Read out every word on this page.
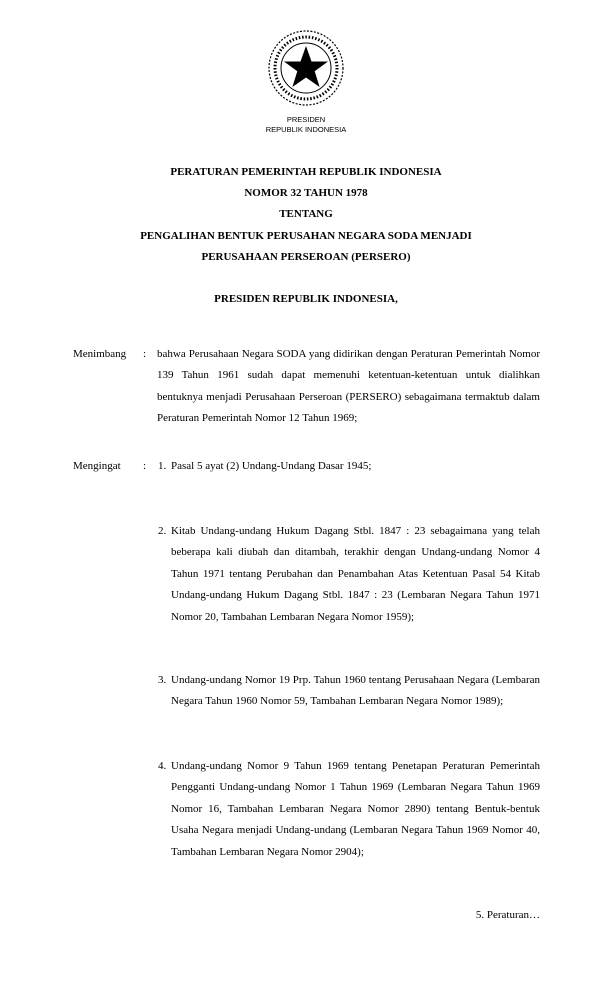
PRESIDEN
REPUBLIK INDONESIA
PERATURAN PEMERINTAH REPUBLIK INDONESIA
NOMOR 32 TAHUN 1978
TENTANG
PENGALIHAN BENTUK PERUSAHAN NEGARA SODA MENJADI
PERUSAHAAN PERSEROAN (PERSERO)
PRESIDEN REPUBLIK INDONESIA,
Menimbang : bahwa Perusahaan Negara SODA yang didirikan dengan Peraturan Pemerintah Nomor 139 Tahun 1961 sudah dapat memenuhi ketentuan-ketentuan untuk dialihkan bentuknya menjadi Perusahaan Perseroan (PERSERO) sebagaimana termaktub dalam Peraturan Pemerintah Nomor 12 Tahun 1969;
Mengingat : 1. Pasal 5 ayat (2) Undang-Undang Dasar 1945;
2. Kitab Undang-undang Hukum Dagang Stbl. 1847 : 23 sebagaimana yang telah beberapa kali diubah dan ditambah, terakhir dengan Undang-undang Nomor 4 Tahun 1971 tentang Perubahan dan Penambahan Atas Ketentuan Pasal 54 Kitab Undang-undang Hukum Dagang Stbl. 1847 : 23 (Lembaran Negara Tahun 1971 Nomor 20, Tambahan Lembaran Negara Nomor 1959);
3. Undang-undang Nomor 19 Prp. Tahun 1960 tentang Perusahaan Negara (Lembaran Negara Tahun 1960 Nomor 59, Tambahan Lembaran Negara Nomor 1989);
4. Undang-undang Nomor 9 Tahun 1969 tentang Penetapan Peraturan Pemerintah Pengganti Undang-undang Nomor 1 Tahun 1969 (Lembaran Negara Tahun 1969 Nomor 16, Tambahan Lembaran Negara Nomor 2890) tentang Bentuk-bentuk Usaha Negara menjadi Undang-undang (Lembaran Negara Tahun 1969 Nomor 40, Tambahan Lembaran Negara Nomor 2904);
5. Peraturan…
